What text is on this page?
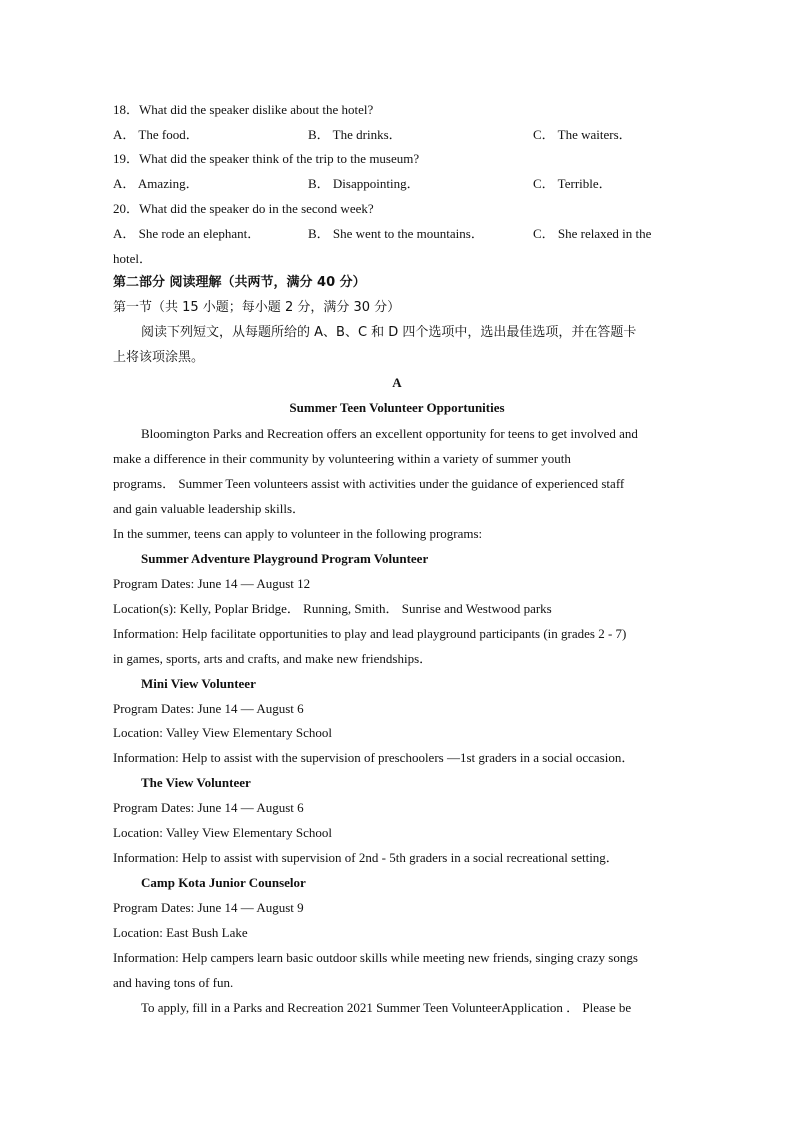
18．What did the speaker dislike about the hotel?
A． The food．	B． The drinks．	C． The waiters．
19．What did the speaker think of the trip to the museum?
A． Amazing．	B． Disappointing．	C． Terrible．
20．What did the speaker do in the second week?
A． She rode an elephant．	B． She went to the mountains．	C． She relaxed in the
hotel．
第二部分 阅读理解（共两节，满分 40 分）
第一节（共 15 小题；每小题 2 分，满分 30 分）
阅读下列短文，从每题所给的 A、B、C 和 D 四个选项中，选出最佳选项，并在答题卡
上将该项涂黑。
A
Summer Teen Volunteer Opportunities
Bloomington Parks and Recreation offers an excellent opportunity for teens to get involved and
make a difference in their community by volunteering within a variety of summer youth
programs． Summer Teen volunteers assist with activities under the guidance of experienced staff
and gain valuable leadership skills．
In the summer, teens can apply to volunteer in the following programs:
Summer Adventure Playground Program Volunteer
Program Dates: June 14 — August 12
Location(s): Kelly, Poplar Bridge． Running, Smith． Sunrise and Westwood parks
Information: Help facilitate opportunities to play and lead playground participants (in grades 2 - 7)
in games, sports, arts and crafts, and make new friendships．
Mini View Volunteer
Program Dates: June 14 — August 6
Location: Valley View Elementary School
Information: Help to assist with the supervision of preschoolers —1st graders in a social occasion．
The View Volunteer
Program Dates: June 14 — August 6
Location: Valley View Elementary School
Information: Help to assist with supervision of 2nd - 5th graders in a social recreational setting．
Camp Kota Junior Counselor
Program Dates: June 14 — August 9
Location: East Bush Lake
Information: Help campers learn basic outdoor skills while meeting new friends, singing crazy songs
and having tons of fun.
To apply, fill in a Parks and Recreation 2021 Summer Teen VolunteerApplication ． Please be
